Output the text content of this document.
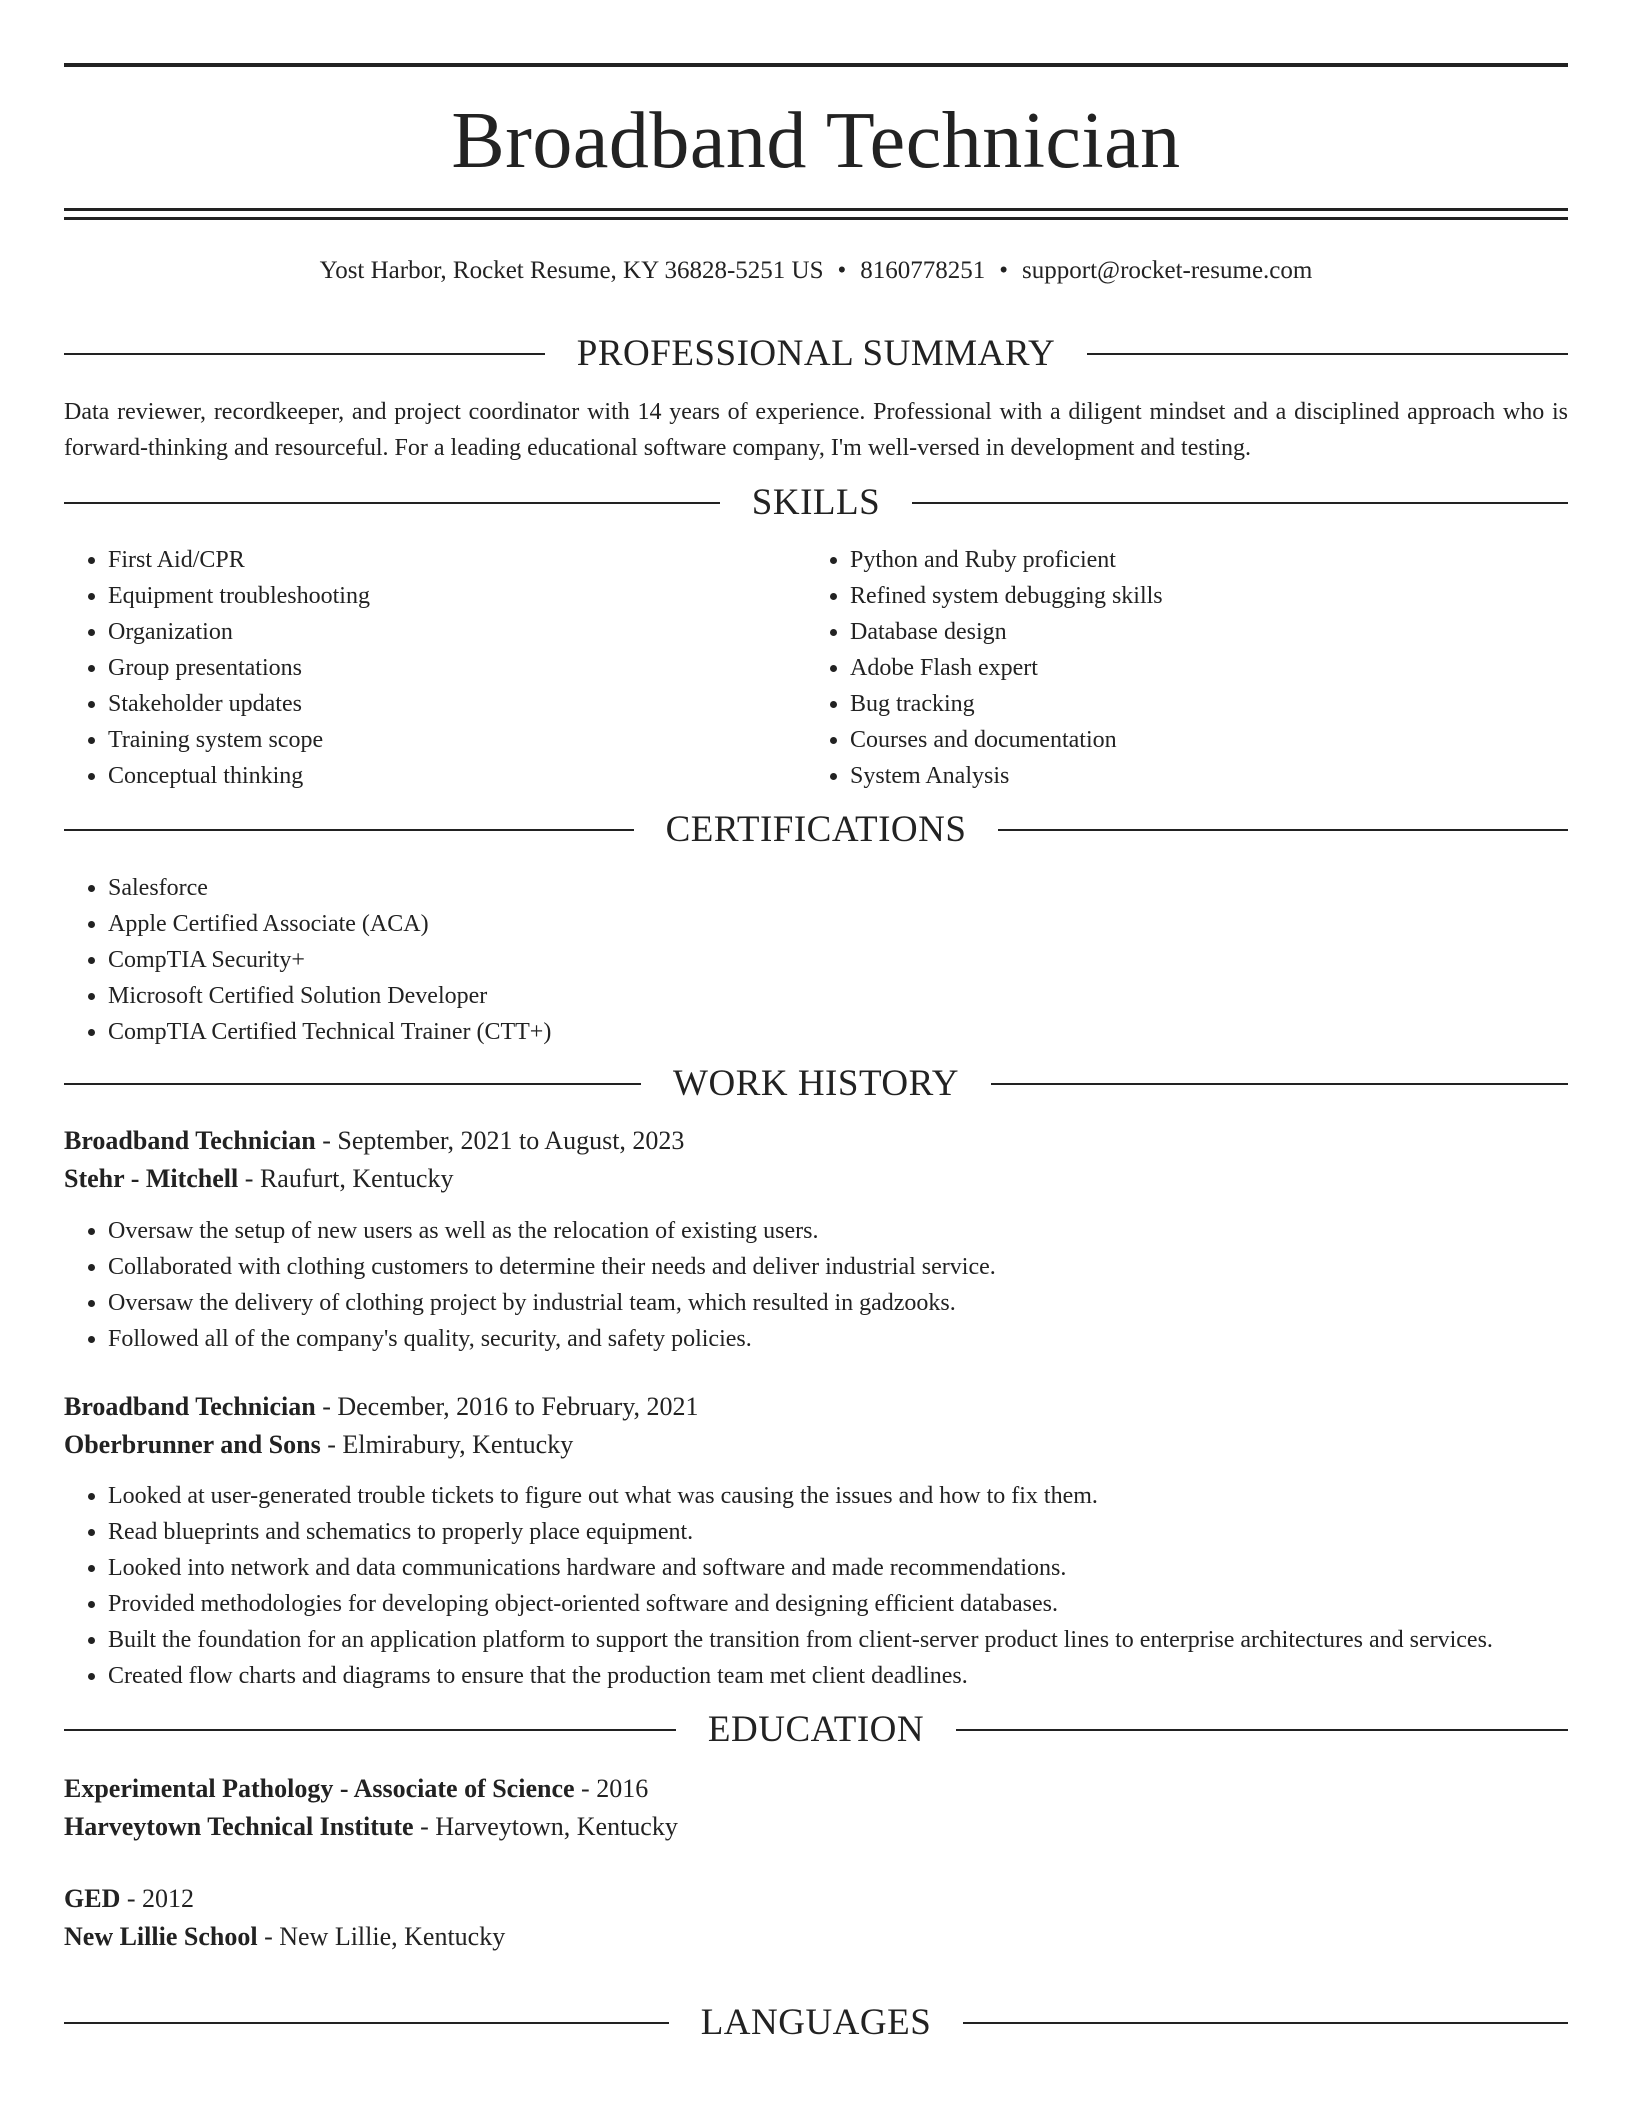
Broadband Technician
Yost Harbor, Rocket Resume, KY 36828-5251 US • 8160778251 • support@rocket-resume.com
PROFESSIONAL SUMMARY

Data reviewer, recordkeeper, and project coordinator with 14 years of experience. Professional with a diligent mindset and a disciplined approach who is forward-thinking and resourceful. For a leading educational software company, I'm well-versed in development and testing.

SKILLS
• First Aid/CPR
• Equipment troubleshooting
• Organization
• Group presentations
• Stakeholder updates
• Training system scope
• Conceptual thinking
• Python and Ruby proficient
• Refined system debugging skills
• Database design
• Adobe Flash expert
• Bug tracking
• Courses and documentation
• System Analysis
CERTIFICATIONS
• Salesforce
• Apple Certified Associate (ACA)
• CompTIA Security+
• Microsoft Certified Solution Developer
• CompTIA Certified Technical Trainer (CTT+)
WORK HISTORY
Broadband Technician - September, 2021 to August, 2023
Stehr - Mitchell - Raufurt, Kentucky
• Oversaw the setup of new users as well as the relocation of existing users.
• Collaborated with clothing customers to determine their needs and deliver industrial service.
• Oversaw the delivery of clothing project by industrial team, which resulted in gadzooks.
• Followed all of the company's quality, security, and safety policies.
Broadband Technician - December, 2016 to February, 2021
Oberbrunner and Sons - Elmirabury, Kentucky
• Looked at user-generated trouble tickets to figure out what was causing the issues and how to fix them.
• Read blueprints and schematics to properly place equipment.
• Looked into network and data communications hardware and software and made recommendations.
• Provided methodologies for developing object-oriented software and designing efficient databases.
• Built the foundation for an application platform to support the transition from client-server product lines to enterprise architectures and services.
• Created flow charts and diagrams to ensure that the production team met client deadlines.
EDUCATION
Experimental Pathology - Associate of Science - 2016
Harveytown Technical Institute - Harveytown, Kentucky
GED - 2012
New Lillie School - New Lillie, Kentucky
LANGUAGES
